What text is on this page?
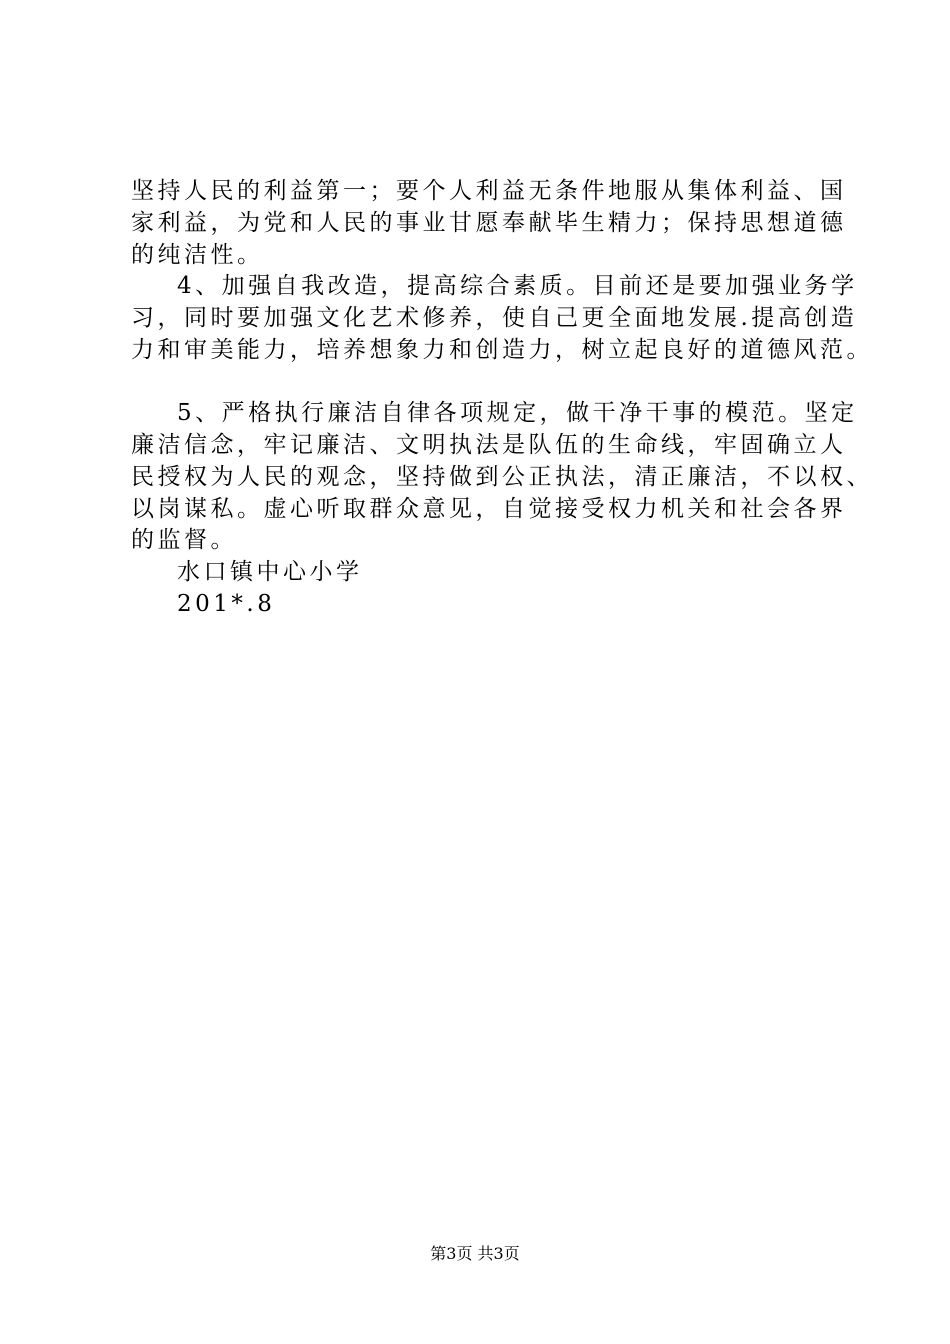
坚持人民的利益第一；要个人利益无条件地服从集体利益、国
家利益，为党和人民的事业甘愿奉献毕生精力；保持思想道德
的纯洁性。
4、加强自我改造，提高综合素质。目前还是要加强业务学
习，同时要加强文化艺术修养，使自己更全面地发展.提高创造
力和审美能力，培养想象力和创造力，树立起良好的道德风范。
5、严格执行廉洁自律各项规定，做干净干事的模范。坚定
廉洁信念，牢记廉洁、文明执法是队伍的生命线，牢固确立人
民授权为人民的观念，坚持做到公正执法，清正廉洁，不以权、
以岗谋私。虚心听取群众意见，自觉接受权力机关和社会各界
的监督。
水口镇中心小学
201*.8
第3页 共3页
